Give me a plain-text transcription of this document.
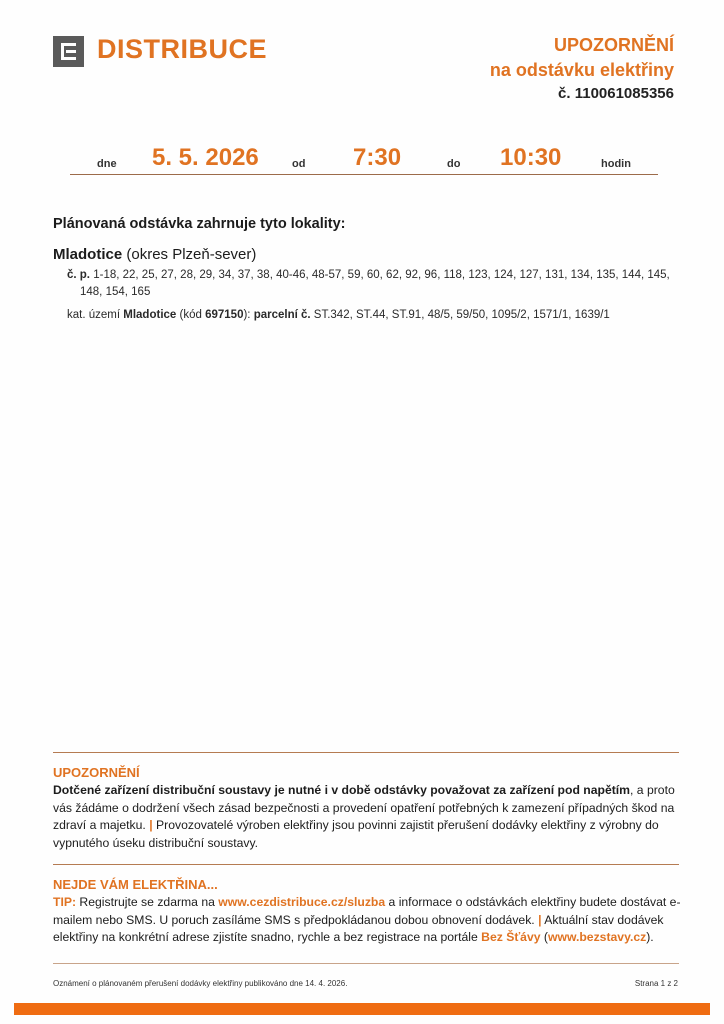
DISTRIBUCE	UPOZORNĚNÍ
na odstávku elektřiny
č. 110061085356
dne 5. 5. 2026	od 7:30	do 10:30	hodin
Plánovaná odstávka zahrnuje tyto lokality:
Mladotice (okres Plzeň-sever)
č. p. 1-18, 22, 25, 27, 28, 29, 34, 37, 38, 40-46, 48-57, 59, 60, 62, 92, 96, 118, 123, 124, 127, 131, 134, 135, 144, 145, 148, 154, 165
kat. území Mladotice (kód 697150): parcelní č. ST.342, ST.44, ST.91, 48/5, 59/50, 1095/2, 1571/1, 1639/1
UPOZORNĚNÍ
Dotčené zařízení distribuční soustavy je nutné i v době odstávky považovat za zařízení pod napětím, a proto vás žádáme o dodržení všech zásad bezpečnosti a provedení opatření potřebných k zamezení případných škod na zdraví a majetku. | Provozovatelé výroben elektřiny jsou povinni zajistit přerušení dodávky elektřiny z výrobny do vypnutého úseku distribuční soustavy.
NEJDE VÁM ELEKTŘINA...
TIP: Registrujte se zdarma na www.cezdistribuce.cz/sluzba a informace o odstávkách elektřiny budete dostávat e-mailem nebo SMS. U poruch zasíláme SMS s předpokládanou dobou obnovení dodávek. | Aktuální stav dodávek elektřiny na konkrétní adrese zjistíte snadno, rychle a bez registrace na portále Bez Šťávy (www.bezstavy.cz).
Oznámení o plánovaném přerušení dodávky elektřiny publikováno dne 14. 4. 2026.	Strana 1 z 2
